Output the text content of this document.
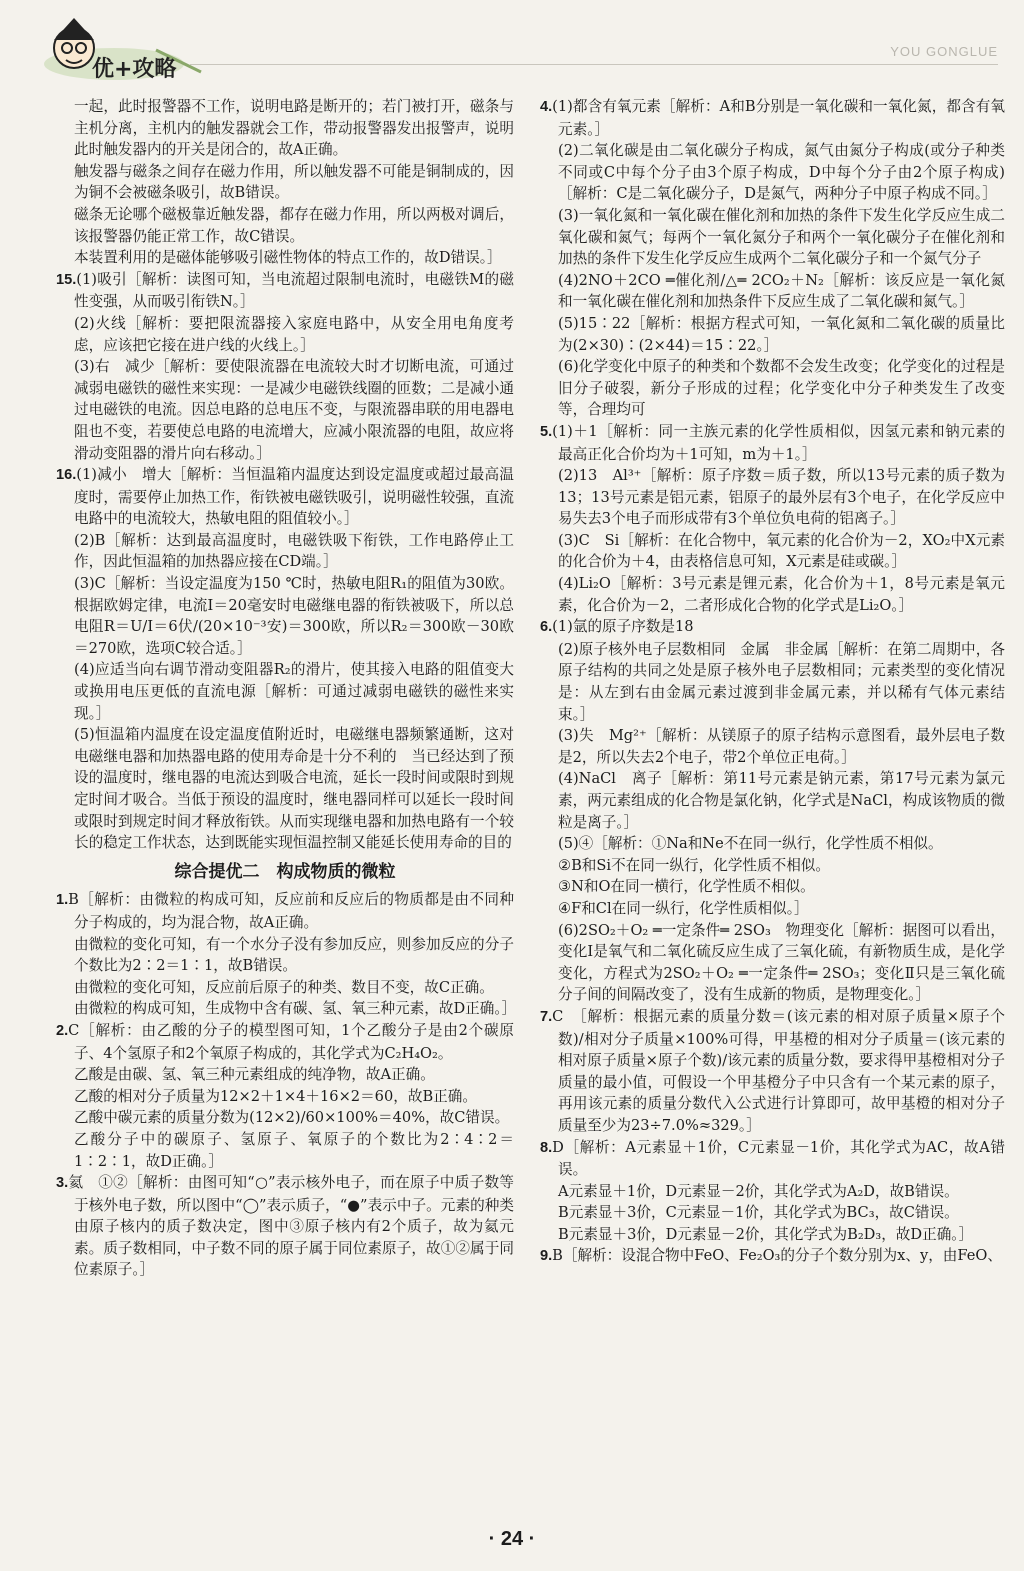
优+攻略
YOU GONGLUE

一起，此时报警器不工作，说明电路是断开的；若门被打开，磁条与主机分离，主机内的触发器就会工作，带动报警器发出报警声，说明此时触发器内的开关是闭合的，故A正确。

触发器与磁条之间存在磁力作用，所以触发器不可能是铜制成的，因为铜不会被磁条吸引，故B错误。

磁条无论哪个磁极靠近触发器，都存在磁力作用，所以两极对调后，该报警器仍能正常工作，故C错误。

本装置利用的是磁体能够吸引磁性物体的特点工作的，故D错误。］

15.(1)吸引［解析：读图可知，当电流超过限制电流时，电磁铁M的磁性变强，从而吸引衔铁N。］

(2)火线［解析：要把限流器接入家庭电路中，从安全用电角度考虑，应该把它接在进户线的火线上。］

(3)右　减少［解析：要使限流器在电流较大时才切断电流，可通过减弱电磁铁的磁性来实现：一是减少电磁铁线圈的匝数；二是减小通过电磁铁的电流。因总电路的总电压不变，与限流器串联的用电器电阻也不变，若要使总电路的电流增大，应减小限流器的电阻，故应将滑动变阻器的滑片向右移动。］

16.(1)减小　增大［解析：当恒温箱内温度达到设定温度或超过最高温度时，需要停止加热工作，衔铁被电磁铁吸引，说明磁性较强，直流电路中的电流较大，热敏电阻的阻值较小。］

(2)B［解析：达到最高温度时，电磁铁吸下衔铁，工作电路停止工作，因此恒温箱的加热器应接在CD端。］

(3)C［解析：当设定温度为150 ℃时，热敏电阻R₁的阻值为30欧。根据欧姆定律，电流I＝20毫安时电磁继电器的衔铁被吸下，所以总电阻R＝U/I＝6伏/(20×10⁻³安)＝300欧，所以R₂＝300欧－30欧＝270欧，选项C较合适。］

(4)应适当向右调节滑动变阻器R₂的滑片，使其接入电路的阻值变大或换用电压更低的直流电源［解析：可通过减弱电磁铁的磁性来实现。］

(5)恒温箱内温度在设定温度值附近时，电磁继电器频繁通断，这对电磁继电器和加热器电路的使用寿命是十分不利的　当已经达到了预设的温度时，继电器的电流达到吸合电流，延长一段时间或限时到规定时间才吸合。当低于预设的温度时，继电器同样可以延长一段时间或限时到规定时间才释放衔铁。从而实现继电器和加热电路有一个较长的稳定工作状态，达到既能实现恒温控制又能延长使用寿命的目的

综合提优二　构成物质的微粒

1.B［解析：由微粒的构成可知，反应前和反应后的物质都是由不同种分子构成的，均为混合物，故A正确。

由微粒的变化可知，有一个水分子没有参加反应，则参加反应的分子个数比为2∶2＝1∶1，故B错误。

由微粒的变化可知，反应前后原子的种类、数目不变，故C正确。

由微粒的构成可知，生成物中含有碳、氢、氧三种元素，故D正确。］

2.C［解析：由乙酸的分子的模型图可知，1个乙酸分子是由2个碳原子、4个氢原子和2个氧原子构成的，其化学式为C₂H₄O₂。

乙酸是由碳、氢、氧三种元素组成的纯净物，故A正确。

乙酸的相对分子质量为12×2＋1×4＋16×2＝60，故B正确。

乙酸中碳元素的质量分数为(12×2)/60×100%＝40%，故C错误。

乙酸分子中的碳原子、氢原子、氧原子的个数比为2∶4∶2＝1∶2∶1，故D正确。］

3.氦　①②［解析：由图可知“○”表示核外电子，而在原子中质子数等于核外电子数，所以图中“◯”表示质子，“●”表示中子。元素的种类由原子核内的质子数决定，图中③原子核内有2个质子，故为氦元素。质子数相同，中子数不同的原子属于同位素原子，故①②属于同位素原子。］

4.(1)都含有氧元素［解析：A和B分别是一氧化碳和一氧化氮，都含有氧元素。］

(2)二氧化碳是由二氧化碳分子构成，氮气由氮分子构成(或分子种类不同或C中每个分子由3个原子构成，D中每个分子由2个原子构成)［解析：C是二氧化碳分子，D是氮气，两种分子中原子构成不同。］

(3)一氧化氮和一氧化碳在催化剂和加热的条件下发生化学反应生成二氧化碳和氮气；每两个一氧化氮分子和两个一氧化碳分子在催化剂和加热的条件下发生化学反应生成两个二氧化碳分子和一个氮气分子

(4)2NO＋2CO ═催化剂/△═ 2CO₂＋N₂［解析：该反应是一氧化氮和一氧化碳在催化剂和加热条件下反应生成了二氧化碳和氮气。］

(5)15∶22［解析：根据方程式可知，一氧化氮和二氧化碳的质量比为(2×30)∶(2×44)＝15∶22。］

(6)化学变化中原子的种类和个数都不会发生改变；化学变化的过程是旧分子破裂，新分子形成的过程；化学变化中分子种类发生了改变等，合理均可

5.(1)＋1［解析：同一主族元素的化学性质相似，因氢元素和钠元素的最高正化合价均为＋1可知，m为＋1。］

(2)13　Al³⁺［解析：原子序数＝质子数，所以13号元素的质子数为13；13号元素是铝元素，铝原子的最外层有3个电子，在化学反应中易失去3个电子而形成带有3个单位负电荷的铝离子。］

(3)C　Si［解析：在化合物中，氧元素的化合价为－2，XO₂中X元素的化合价为＋4，由表格信息可知，X元素是硅或碳。］

(4)Li₂O［解析：3号元素是锂元素，化合价为＋1，8号元素是氧元素，化合价为－2，二者形成化合物的化学式是Li₂O。］

6.(1)氩的原子序数是18

(2)原子核外电子层数相同　金属　非金属［解析：在第二周期中，各原子结构的共同之处是原子核外电子层数相同；元素类型的变化情况是：从左到右由金属元素过渡到非金属元素，并以稀有气体元素结束。］

(3)失　Mg²⁺［解析：从镁原子的原子结构示意图看，最外层电子数是2，所以失去2个电子，带2个单位正电荷。］

(4)NaCl　离子［解析：第11号元素是钠元素，第17号元素为氯元素，两元素组成的化合物是氯化钠，化学式是NaCl，构成该物质的微粒是离子。］

(5)④［解析：①Na和Ne不在同一纵行，化学性质不相似。

②B和Si不在同一纵行，化学性质不相似。

③N和O在同一横行，化学性质不相似。

④F和Cl在同一纵行，化学性质相似。］

(6)2SO₂＋O₂ ═一定条件═ 2SO₃　物理变化［解析：据图可以看出，变化Ⅰ是氧气和二氧化硫反应生成了三氧化硫，有新物质生成，是化学变化，方程式为2SO₂＋O₂ ═一定条件═ 2SO₃；变化Ⅱ只是三氧化硫分子间的间隔改变了，没有生成新的物质，是物理变化。］

7.C　［解析：根据元素的质量分数＝(该元素的相对原子质量×原子个数)/相对分子质量×100%可得，甲基橙的相对分子质量＝(该元素的相对原子质量×原子个数)/该元素的质量分数，要求得甲基橙相对分子质量的最小值，可假设一个甲基橙分子中只含有一个某元素的原子，再用该元素的质量分数代入公式进行计算即可，故甲基橙的相对分子质量至少为23÷7.0%≈329。］

8.D［解析：A元素显＋1价，C元素显－1价，其化学式为AC，故A错误。

A元素显＋1价，D元素显－2价，其化学式为A₂D，故B错误。

B元素显＋3价，C元素显－1价，其化学式为BC₃，故C错误。

B元素显＋3价，D元素显－2价，其化学式为B₂D₃，故D正确。］

9.B［解析：设混合物中FeO、Fe₂O₃的分子个数分别为x、y，由FeO、

· 24 ·
